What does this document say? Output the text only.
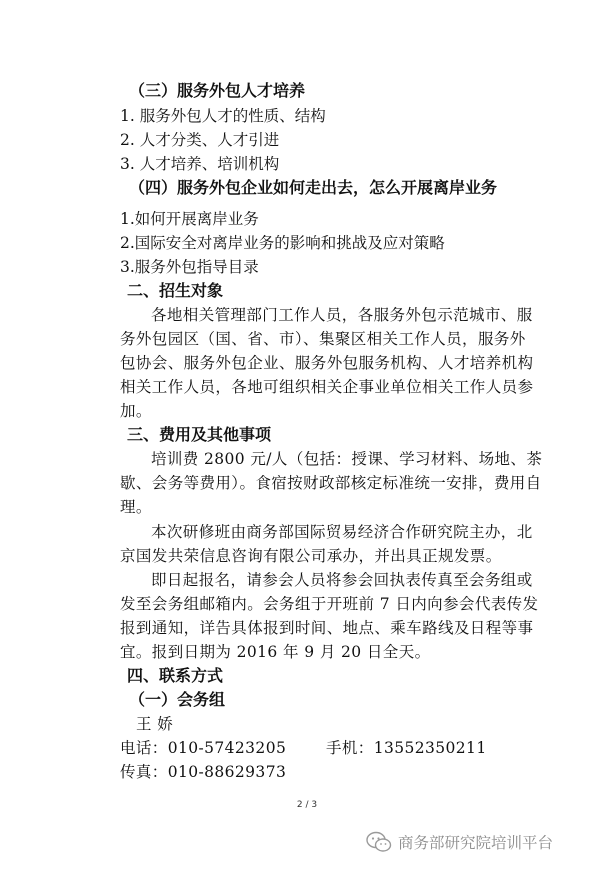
（三）服务外包人才培养
1. 服务外包人才的性质、结构
2. 人才分类、人才引进
3. 人才培养、培训机构
（四）服务外包企业如何走出去，怎么开展离岸业务
1.如何开展离岸业务
2.国际安全对离岸业务的影响和挑战及应对策略
3.服务外包指导目录
二、招生对象
各地相关管理部门工作人员，各服务外包示范城市、服
务外包园区（国、省、市）、集聚区相关工作人员，服务外
包协会、服务外包企业、服务外包服务机构、人才培养机构
相关工作人员，各地可组织相关企事业单位相关工作人员参
加。
三、费用及其他事项
培训费 2800 元/人（包括：授课、学习材料、场地、茶
歇、会务等费用）。食宿按财政部核定标准统一安排，费用自
理。
本次研修班由商务部国际贸易经济合作研究院主办，北
京国发共荣信息咨询有限公司承办，并出具正规发票。
即日起报名，请参会人员将参会回执表传真至会务组或
发至会务组邮箱内。会务组于开班前 7 日内向参会代表传发
报到通知，详告具体报到时间、地点、乘车路线及日程等事
宜。报到日期为 2016 年 9 月 20 日全天。
四、联系方式
（一）会务组
王 娇
电话：010-57423205	手机：13552350211
传真：010-88629373
2 / 3
商务部研究院培训平台
